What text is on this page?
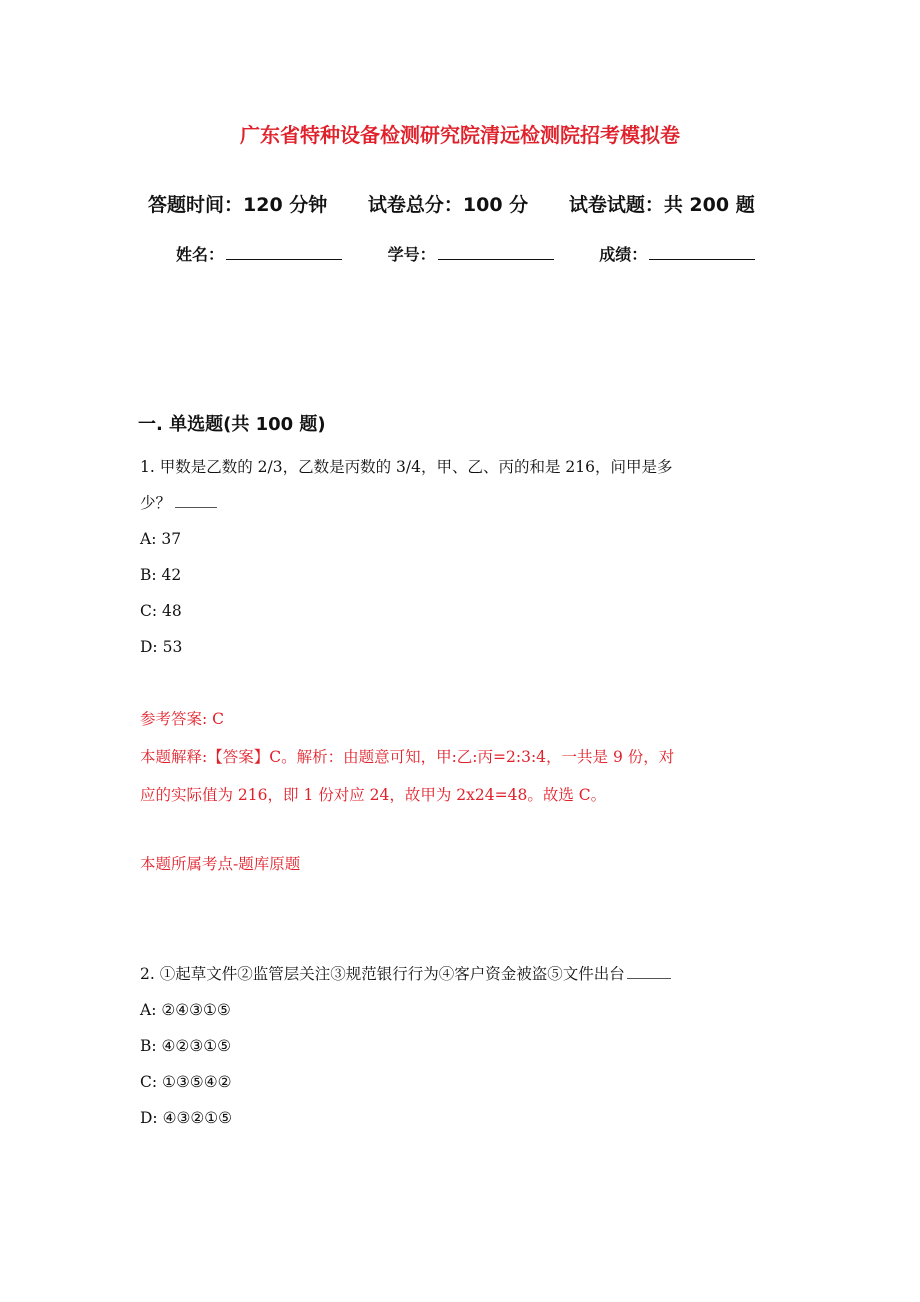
广东省特种设备检测研究院清远检测院招考模拟卷
答题时间：120 分钟 试卷总分：100 分 试卷试题：共 200 题
姓名：	学号：	成绩：
一. 单选题(共 100 题)
1. 甲数是乙数的 2/3，乙数是丙数的 3/4，甲、乙、丙的和是 216，问甲是多
少？
A: 37
B: 42
C: 48
D: 53
参考答案: C
本题解释:【答案】C。解析：由题意可知，甲:乙:丙=2:3:4，一共是 9 份，对
应的实际值为 216，即 1 份对应 24，故甲为 2x24=48。故选 C。
本题所属考点-题库原题
2. ①起草文件②监管层关注③规范银行行为④客户资金被盗⑤文件出台
A: ②④③①⑤
B: ④②③①⑤
C: ①③⑤④②
D: ④③②①⑤
